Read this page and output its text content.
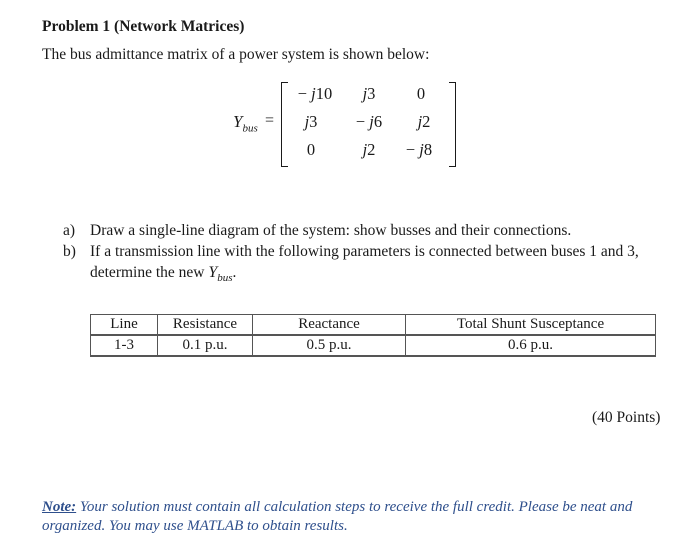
Problem 1 (Network Matrices)
The bus admittance matrix of a power system is shown below:
$Y_{bus}$ =
− j10	j3	0
j3	− j6	j2
0	j2	− j8
a) Draw a single-line diagram of the system: show busses and their connections.
b) If a transmission line with the following parameters is connected between buses 1 and 3,
determine the new $Y_{bus}$.
Line	Resistance	Reactance	Total Shunt Susceptance
1-3	0.1 p.u.	0.5 p.u.	0.6 p.u.
(40 Points)
Note: Your solution must contain all calculation steps to receive the full credit. Please be neat and
organized. You may use MATLAB to obtain results.
